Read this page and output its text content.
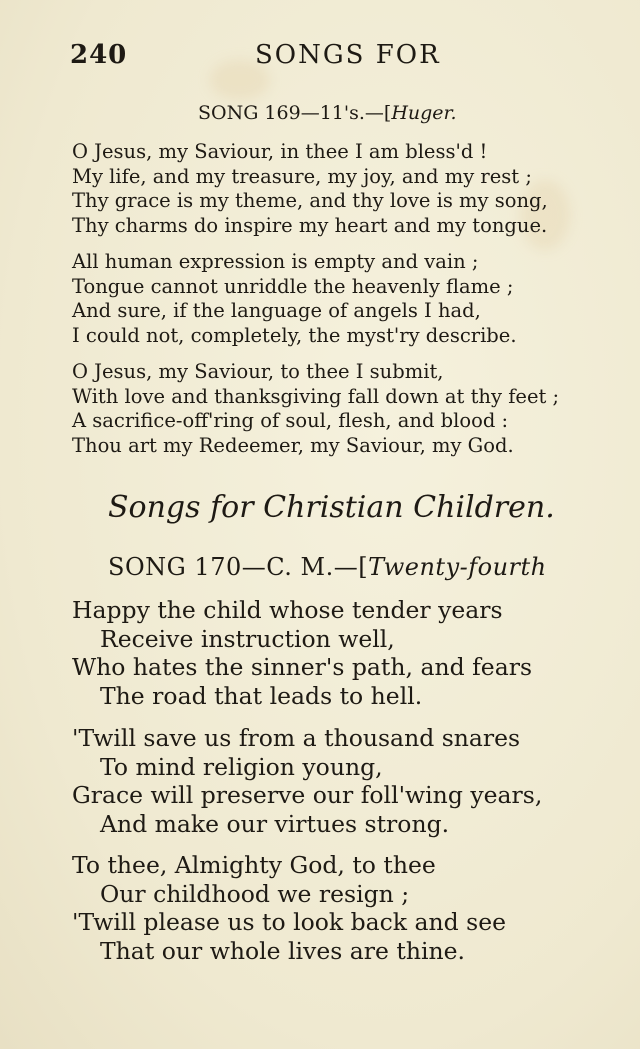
240	SONGS FOR
SONG 169—11's.—[Huger.
O Jesus, my Saviour, in thee I am bless'd !
My life, and my treasure, my joy, and my rest ;
Thy grace is my theme, and thy love is my song,
Thy charms do inspire my heart and my tongue.
All human expression is empty and vain ;
Tongue cannot unriddle the heavenly flame ;
And sure, if the language of angels I had,
I could not, completely, the myst'ry describe.
O Jesus, my Saviour, to thee I submit,
With love and thanksgiving fall down at thy feet ;
A sacrifice-off'ring of soul, flesh, and blood :
Thou art my Redeemer, my Saviour, my God.
Songs for Christian Children.
SONG 170—C. M.—[Twenty-fourth
Happy the child whose tender years
Receive instruction well,
Who hates the sinner's path, and fears
The road that leads to hell.
'Twill save us from a thousand snares
To mind religion young,
Grace will preserve our foll'wing years,
And make our virtues strong.
To thee, Almighty God, to thee
Our childhood we resign ;
'Twill please us to look back and see
That our whole lives are thine.
